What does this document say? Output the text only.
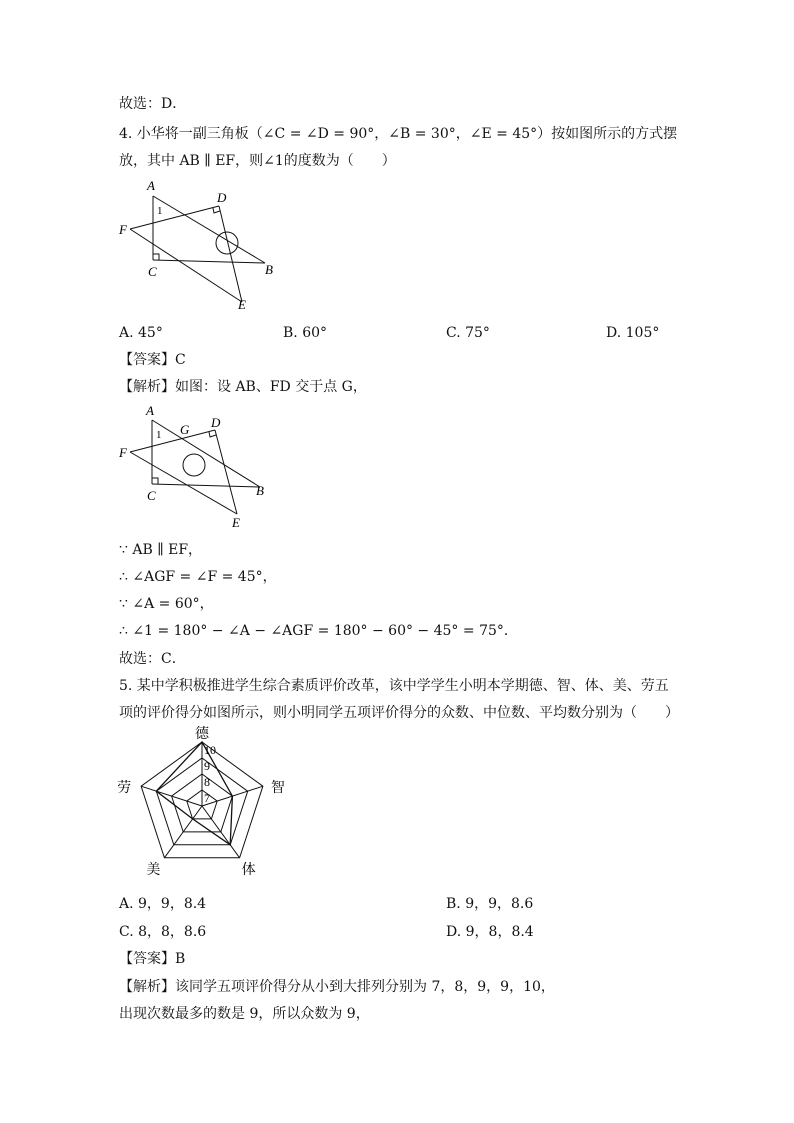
故选：D．
4. 小华将一副三角板（∠C = ∠D = 90°，∠B = 30°，∠E = 45°）按如图所示的方式摆
放，其中 AB ∥ EF，则∠1的度数为（　　）
A
D
F
C	B
E
1
A. 45°	B. 60°	C. 75°	D. 105°
【答案】C
【解析】如图：设 AB、FD 交于点 G，
A
G D
F
C	B
E
1
∵ AB ∥ EF，
∴ ∠AGF = ∠F = 45°，
∵ ∠A = 60°，
∴ ∠1 = 180° − ∠A − ∠AGF = 180° − 60° − 45° = 75°．
故选：C．
5. 某中学积极推进学生综合素质评价改革，该中学学生小明本学期德、智、体、美、劳五
项的评价得分如图所示，则小明同学五项评价得分的众数、中位数、平均数分别为（　　）
10
9
8
7
德
智
体
美
劳
A. 9，9，8.4	B. 9，9，8.6
C. 8，8，8.6	D. 9，8，8.4
【答案】B
【解析】该同学五项评价得分从小到大排列分别为 7，8，9，9，10，
出现次数最多的数是 9，所以众数为 9，
